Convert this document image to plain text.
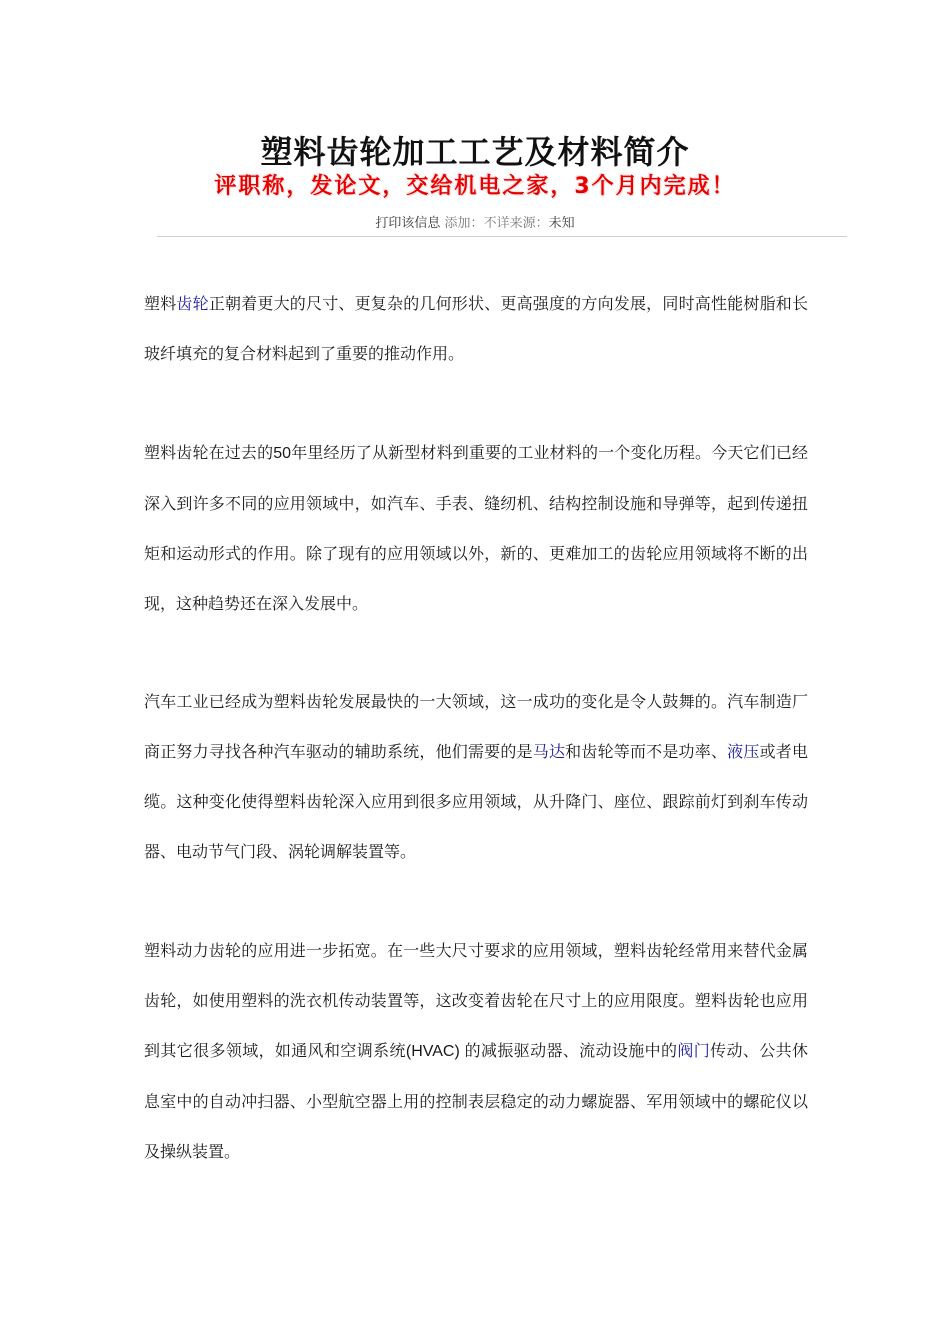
塑料齿轮加工工艺及材料简介
评职称，发论文，交给机电之家，3个月内完成！
打印该信息 添加：不详来源：未知

塑料齿轮正朝着更大的尺寸、更复杂的几何形状、更高强度的方向发展，同时高性能树脂和长玻纤填充的复合材料起到了重要的推动作用。

塑料齿轮在过去的50年里经历了从新型材料到重要的工业材料的一个变化历程。今天它们已经深入到许多不同的应用领域中，如汽车、手表、缝纫机、结构控制设施和导弹等，起到传递扭矩和运动形式的作用。除了现有的应用领域以外，新的、更难加工的齿轮应用领域将不断的出现，这种趋势还在深入发展中。

汽车工业已经成为塑料齿轮发展最快的一大领域，这一成功的变化是令人鼓舞的。汽车制造厂商正努力寻找各种汽车驱动的辅助系统，他们需要的是马达和齿轮等而不是功率、液压或者电缆。这种变化使得塑料齿轮深入应用到很多应用领域，从升降门、座位、跟踪前灯到刹车传动器、电动节气门段、涡轮调解装置等。

塑料动力齿轮的应用进一步拓宽。在一些大尺寸要求的应用领域，塑料齿轮经常用来替代金属齿轮，如使用塑料的洗衣机传动装置等，这改变着齿轮在尺寸上的应用限度。塑料齿轮也应用到其它很多领域，如通风和空调系统(HVAC) 的减振驱动器、流动设施中的阀门传动、公共休息室中的自动冲扫器、小型航空器上用的控制表层稳定的动力螺旋器、军用领域中的螺砣仪以及操纵装置。
